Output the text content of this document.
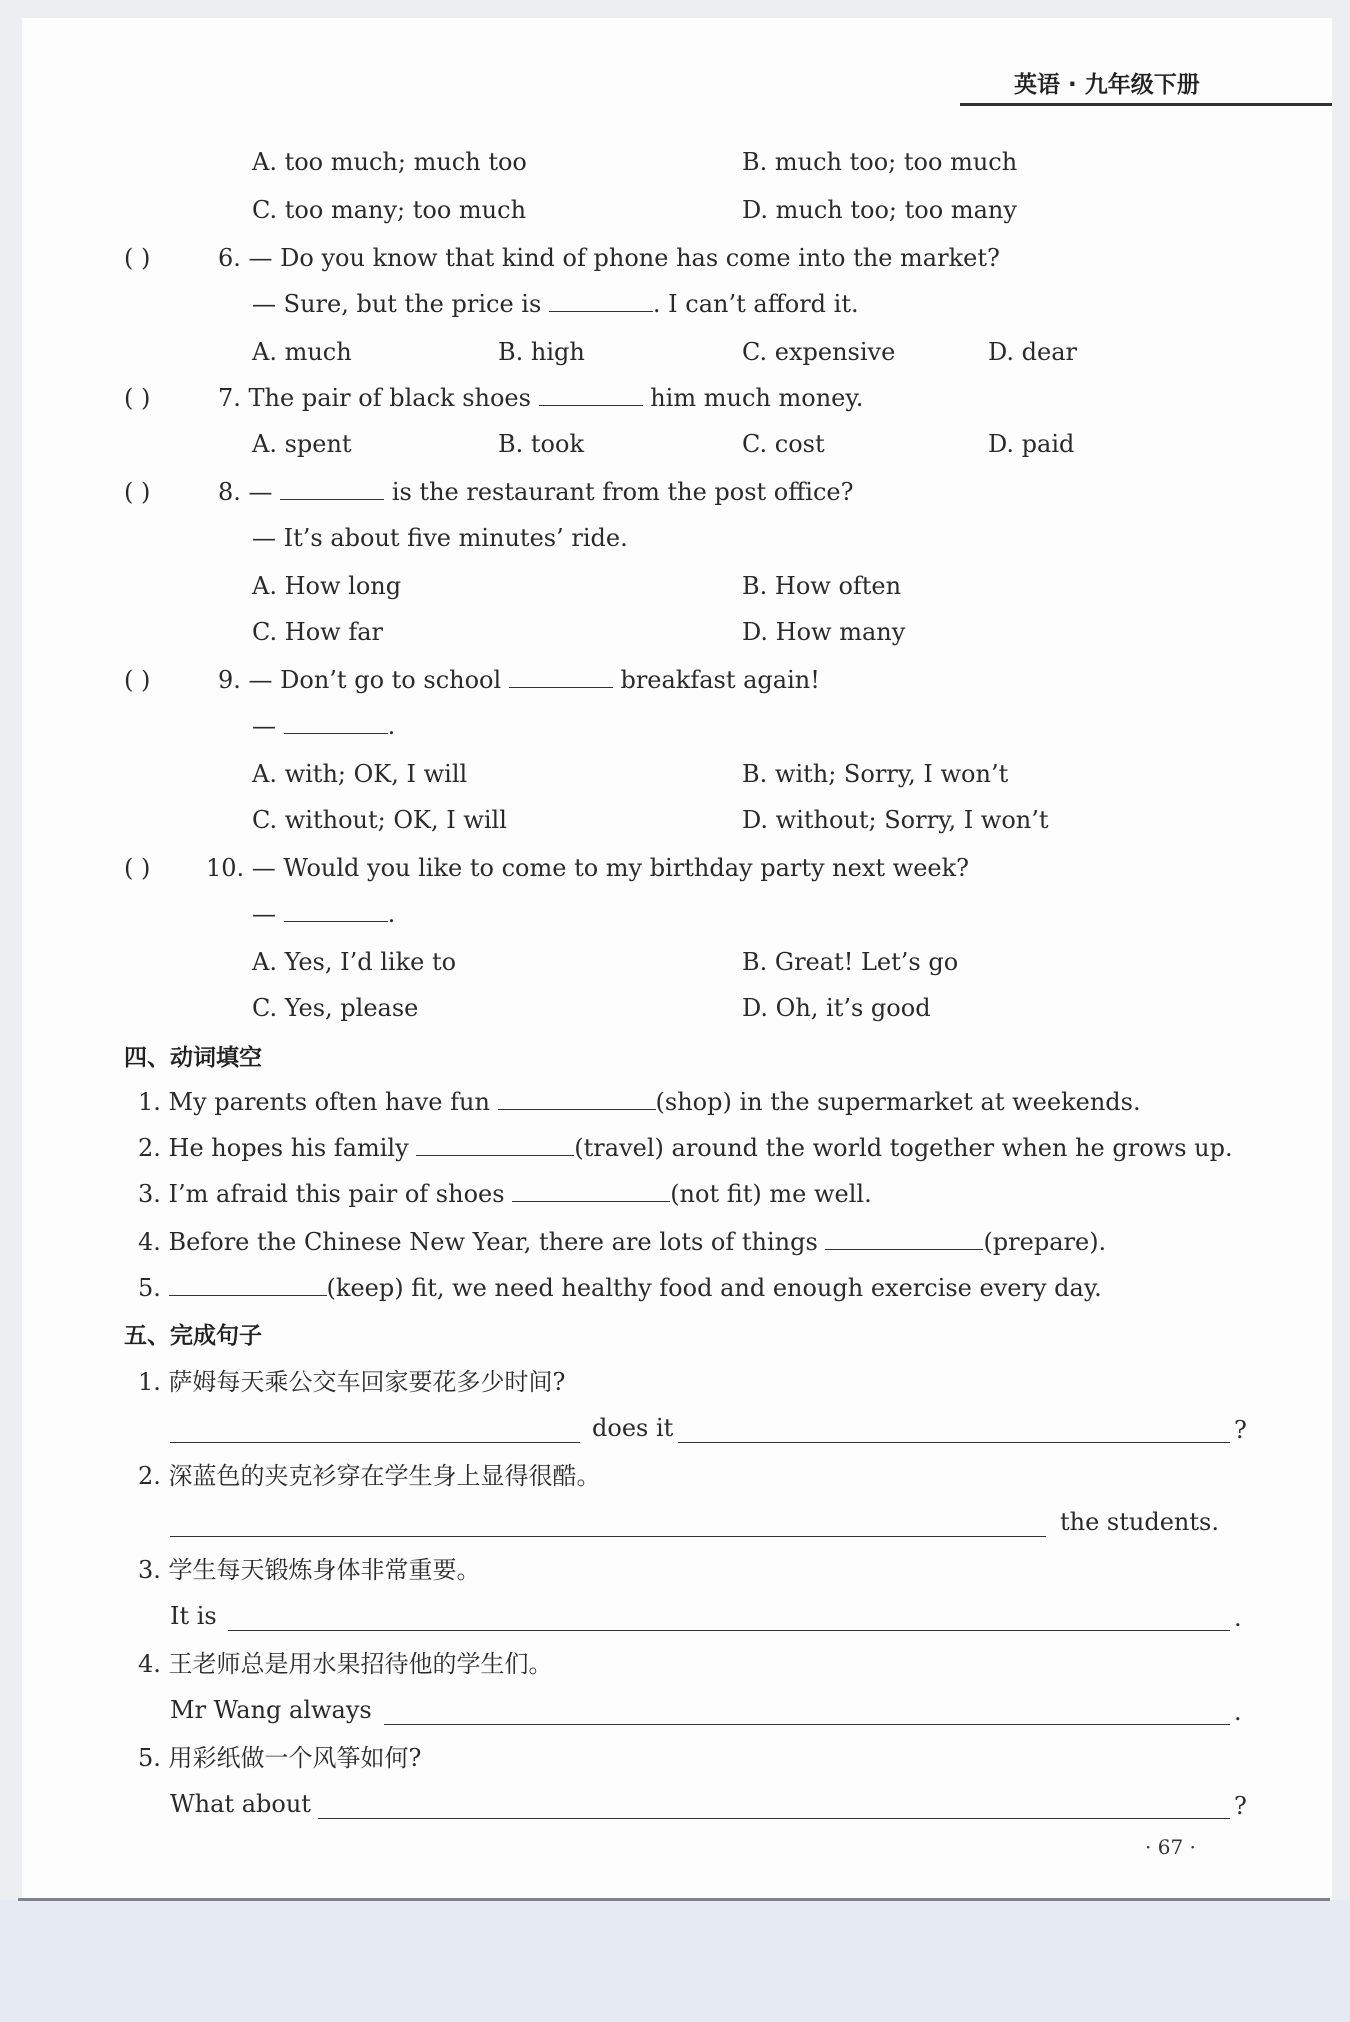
英语 · 九年级下册
A. too much; much too	B. much too; too much
C. too many; too much	D. much too; too many
( )	6. — Do you know that kind of phone has come into the market?
— Sure, but the price is	. I can’t afford it.
A. much	B. high	C. expensive	D. dear
( )	7. The pair of black shoes	him much money.
A. spent	B. took	C. cost	D. paid
( )	8. —	is the restaurant from the post office?
— It’s about five minutes’ ride.
A. How long	B. How often
C. How far	D. How many
( )	9. — Don’t go to school	breakfast again!
—	.
A. with; OK, I will	B. with; Sorry, I won’t
C. without; OK, I will	D. without; Sorry, I won’t
( ) 10. — Would you like to come to my birthday party next week?
—	.
A. Yes, I’d like to	B. Great! Let’s go
C. Yes, please	D. Oh, it’s good
四、动词填空
1. My parents often have fun	(shop) in the supermarket at weekends.
2. He hopes his family	(travel) around the world together when he grows up.
3. I’m afraid this pair of shoes	(not fit) me well.
4. Before the Chinese New Year, there are lots of things	(prepare).
5.	(keep) fit, we need healthy food and enough exercise every day.
五、完成句子
1. 萨姆每天乘公交车回家要花多少时间?
does it	?
2. 深蓝色的夹克衫穿在学生身上显得很酷。
the students.
3. 学生每天锻炼身体非常重要。
It is	.
4. 王老师总是用水果招待他的学生们。
Mr Wang always	.
5. 用彩纸做一个风筝如何?
What about	?
· 67 ·
